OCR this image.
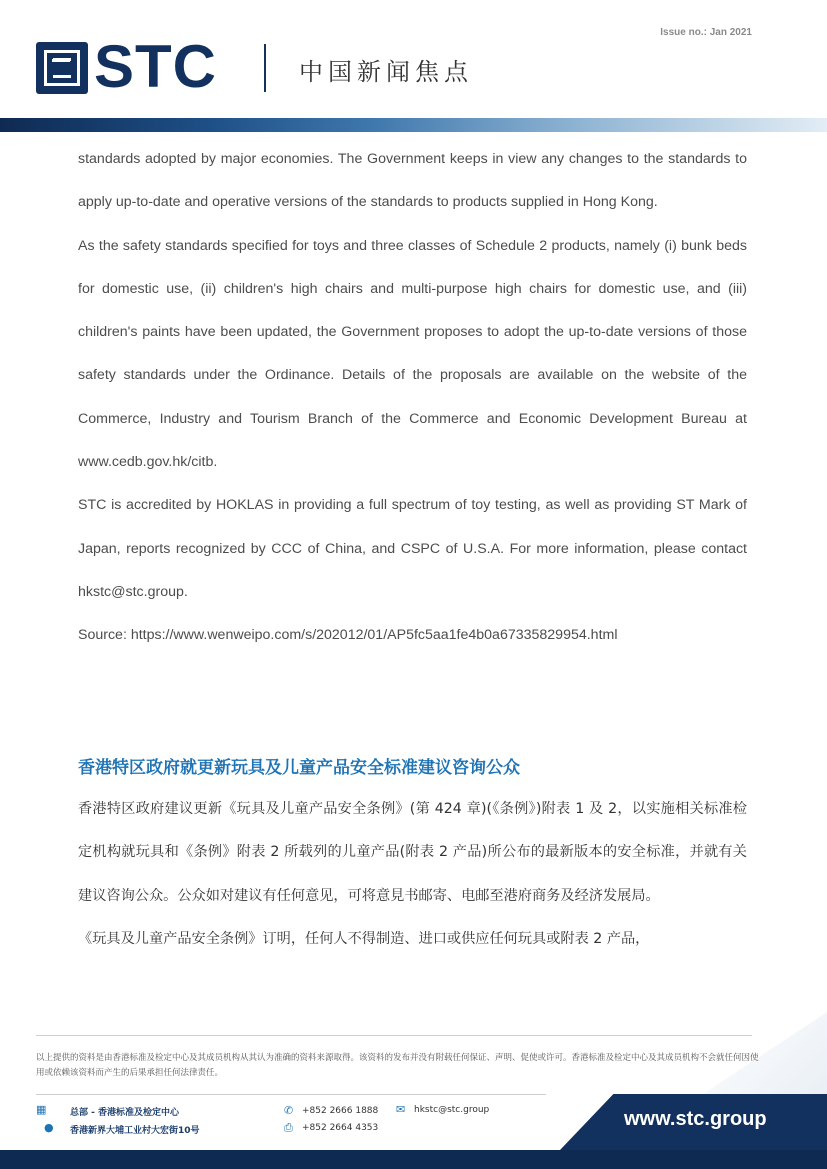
Issue no.: Jan 2021
STC	中国新闻焦点

standards adopted by major economies. The Government keeps in view any changes to the standards to apply up-to-date and operative versions of the standards to products supplied in Hong Kong.

As the safety standards specified for toys and three classes of Schedule 2 products, namely (i) bunk beds for domestic use, (ii) children's high chairs and multi-purpose high chairs for domestic use, and (iii) children's paints have been updated, the Government proposes to adopt the up-to-date versions of those safety standards under the Ordinance. Details of the proposals are available on the website of the Commerce, Industry and Tourism Branch of the Commerce and Economic Development Bureau at www.cedb.gov.hk/citb.

STC is accredited by HOKLAS in providing a full spectrum of toy testing, as well as providing ST Mark of Japan, reports recognized by CCC of China, and CSPC of U.S.A. For more information, please contact hkstc@stc.group.

Source: https://www.wenweipo.com/s/202012/01/AP5fc5aa1fe4b0a67335829954.html

香港特区政府就更新玩具及儿童产品安全标准建议咨询公众

香港特区政府建议更新《玩具及儿童产品安全条例》(第 424 章)(《条例》)附表 1 及 2，以实施相关标准检定机构就玩具和《条例》附表 2 所载列的儿童产品(附表 2 产品)所公布的最新版本的安全标准，并就有关建议咨询公众。公众如对建议有任何意见，可将意見书邮寄、电邮至港府商务及经济发展局。

《玩具及儿童产品安全条例》订明，任何人不得制造、进口或供应任何玩具或附表 2 产品，

以上提供的资料是由香港标准及检定中心及其成员机构从其认为准确的资料来源取得。该资料的发布并没有附载任何保证、声明、促使或许可。香港标准及检定中心及其成员机构不会就任何因使用或依赖该资料而产生的后果承担任何法律责任。
▦	总部 - 香港标准及检定中心
● 香港新界大埔工业村大宏街10号
✆ +852 2666 1888
⎙ +852 2664 4353
✉ hkstc@stc.group	www.stc.group
